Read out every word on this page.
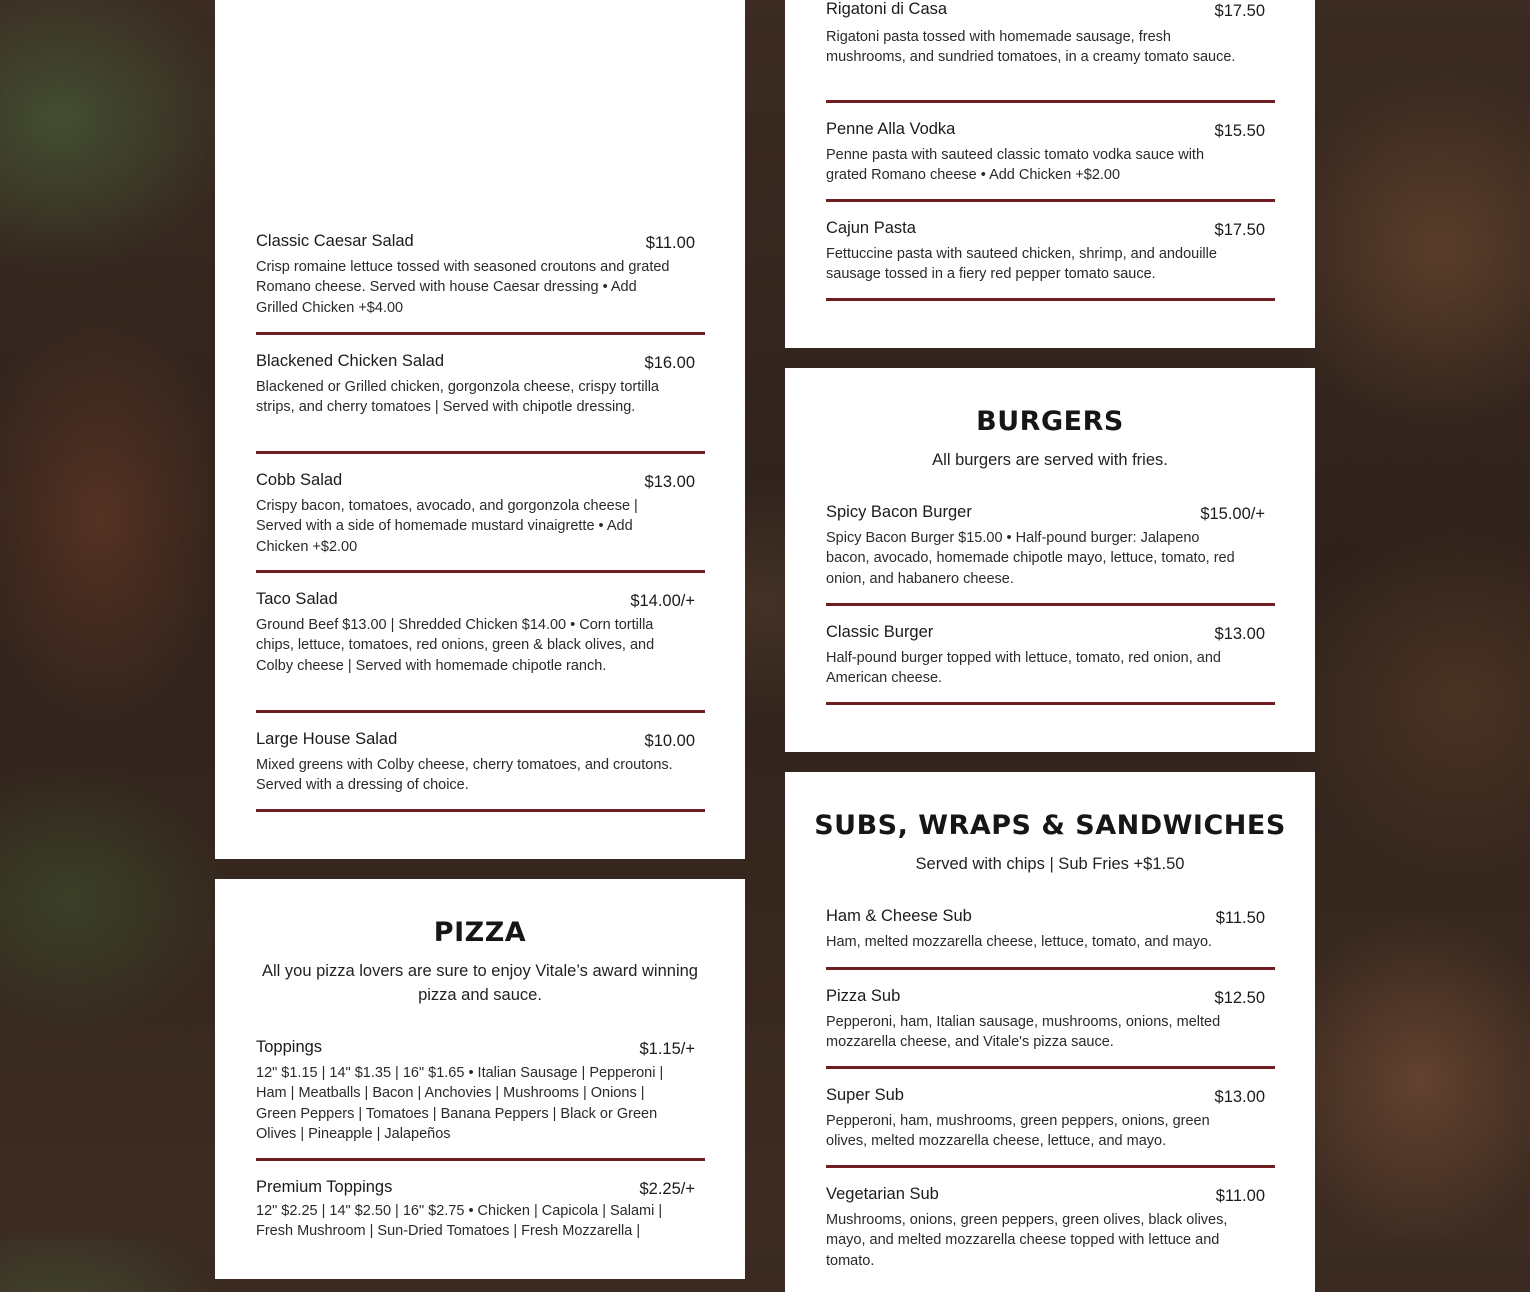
Classic Caesar Salad	$11.00
Crisp romaine lettuce tossed with seasoned croutons and grated Romano cheese. Served with house Caesar dressing • Add Grilled Chicken +$4.00
Blackened Chicken Salad	$16.00
Blackened or Grilled chicken, gorgonzola cheese, crispy tortilla strips, and cherry tomatoes | Served with chipotle dressing.
Cobb Salad	$13.00
Crispy bacon, tomatoes, avocado, and gorgonzola cheese | Served with a side of homemade mustard vinaigrette • Add Chicken +$2.00
Taco Salad	$14.00/+
Ground Beef $13.00 | Shredded Chicken $14.00 • Corn tortilla chips, lettuce, tomatoes, red onions, green & black olives, and Colby cheese | Served with homemade chipotle ranch.
Large House Salad	$10.00
Mixed greens with Colby cheese, cherry tomatoes, and croutons. Served with a dressing of choice.
PIZZA
All you pizza lovers are sure to enjoy Vitale’s award winning pizza and sauce.
Toppings	$1.15/+
12" $1.15 | 14" $1.35 | 16" $1.65 • Italian Sausage | Pepperoni | Ham | Meatballs | Bacon | Anchovies | Mushrooms | Onions | Green Peppers | Tomatoes | Banana Peppers | Black or Green Olives | Pineapple | Jalapeños
Premium Toppings	$2.25/+
12" $2.25 | 14" $2.50 | 16" $2.75 • Chicken | Capicola | Salami | Fresh Mushroom | Sun-Dried Tomatoes | Fresh Mozzarella |
Rigatoni di Casa	$17.50
Rigatoni pasta tossed with homemade sausage, fresh mushrooms, and sundried tomatoes, in a creamy tomato sauce.
Penne Alla Vodka	$15.50
Penne pasta with sauteed classic tomato vodka sauce with grated Romano cheese • Add Chicken +$2.00
Cajun Pasta	$17.50
Fettuccine pasta with sauteed chicken, shrimp, and andouille sausage tossed in a fiery red pepper tomato sauce.
BURGERS
All burgers are served with fries.
Spicy Bacon Burger	$15.00/+
Spicy Bacon Burger $15.00 • Half-pound burger: Jalapeno bacon, avocado, homemade chipotle mayo, lettuce, tomato, red onion, and habanero cheese.
Classic Burger	$13.00
Half-pound burger topped with lettuce, tomato, red onion, and American cheese.
SUBS, WRAPS & SANDWICHES
Served with chips | Sub Fries +$1.50
Ham & Cheese Sub	$11.50
Ham, melted mozzarella cheese, lettuce, tomato, and mayo.
Pizza Sub	$12.50
Pepperoni, ham, Italian sausage, mushrooms, onions, melted mozzarella cheese, and Vitale's pizza sauce.
Super Sub	$13.00
Pepperoni, ham, mushrooms, green peppers, onions, green olives, melted mozzarella cheese, lettuce, and mayo.
Vegetarian Sub	$11.00
Mushrooms, onions, green peppers, green olives, black olives, mayo, and melted mozzarella cheese topped with lettuce and tomato.
